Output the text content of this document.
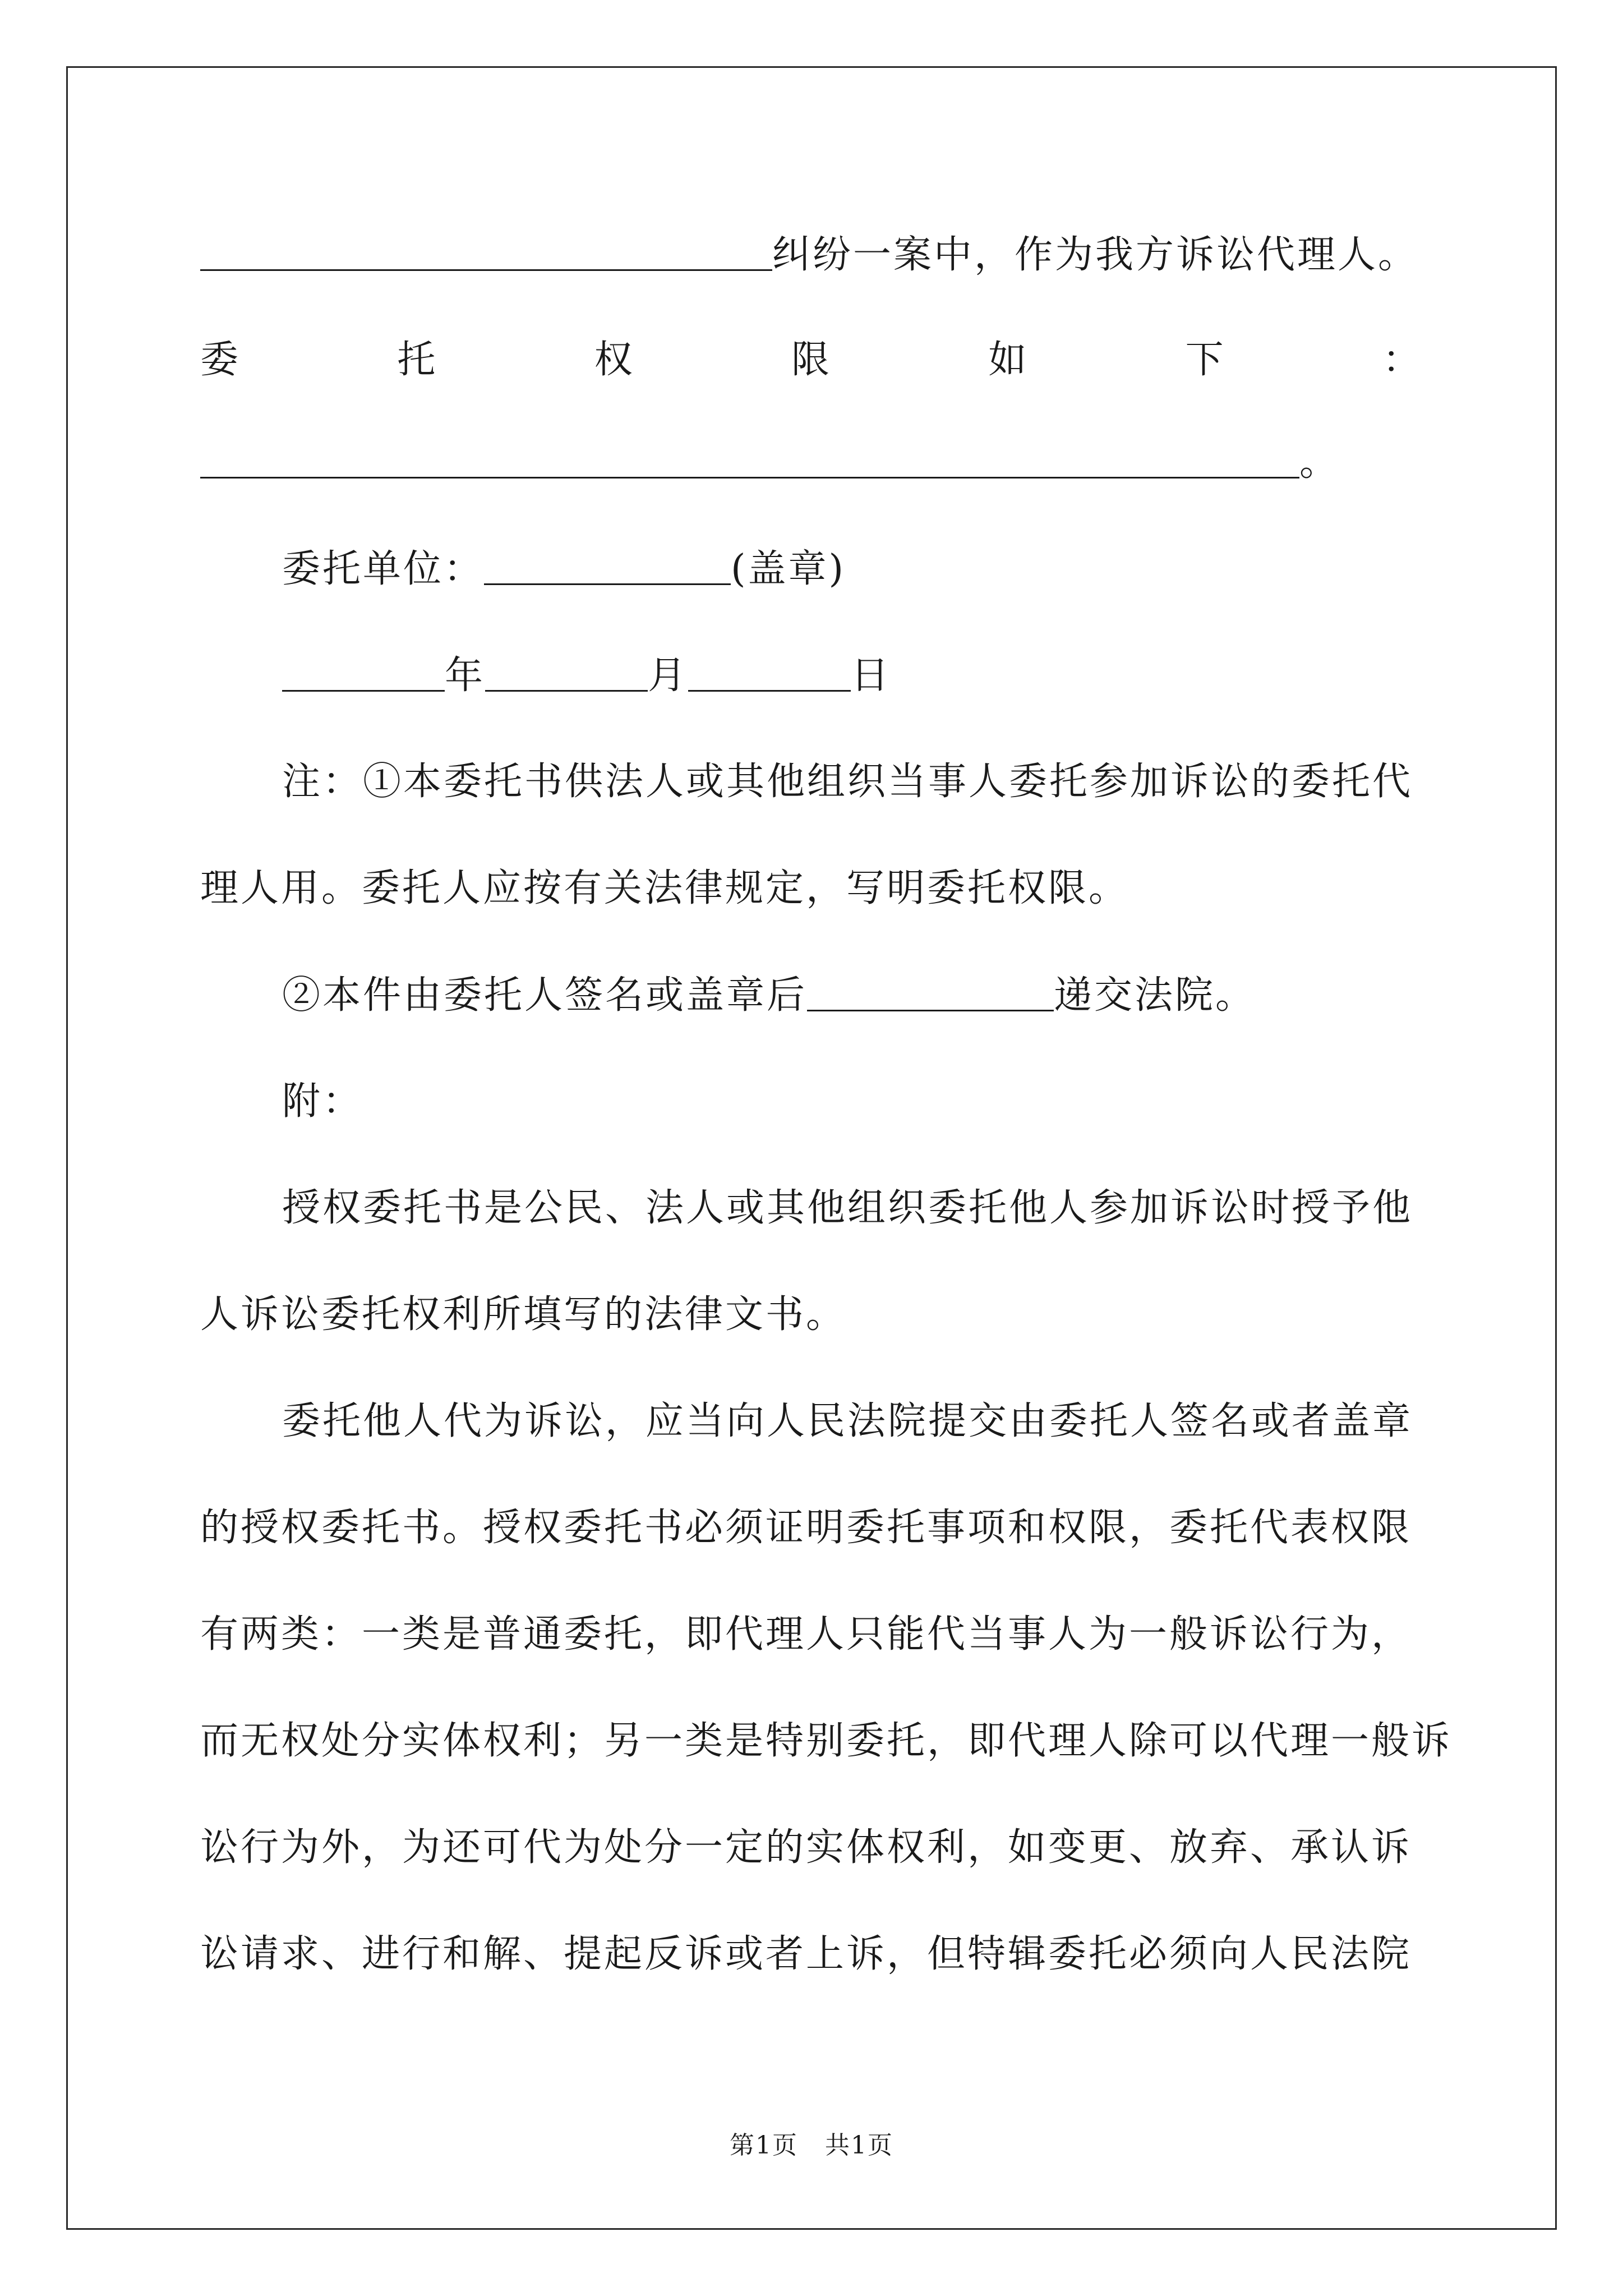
纠纷一案中，作为我方诉讼代理人。
委	托	权	限	如	下	：
。
委托单位：	(盖章)
年	月	日
注：①本委托书供法人或其他组织当事人委托参加诉讼的委托代
理人用。委托人应按有关法律规定，写明委托权限。
②本件由委托人签名或盖章后	递交法院。
附：
授权委托书是公民、法人或其他组织委托他人参加诉讼时授予他
人诉讼委托权利所填写的法律文书。
委托他人代为诉讼，应当向人民法院提交由委托人签名或者盖章
的授权委托书。授权委托书必须证明委托事项和权限，委托代表权限
有两类：一类是普通委托，即代理人只能代当事人为一般诉讼行为，
而无权处分实体权利；另一类是特别委托，即代理人除可以代理一般诉
讼行为外，为还可代为处分一定的实体权利，如变更、放弃、承认诉
讼请求、进行和解、提起反诉或者上诉，但特辑委托必须向人民法院
第1页 共1页
